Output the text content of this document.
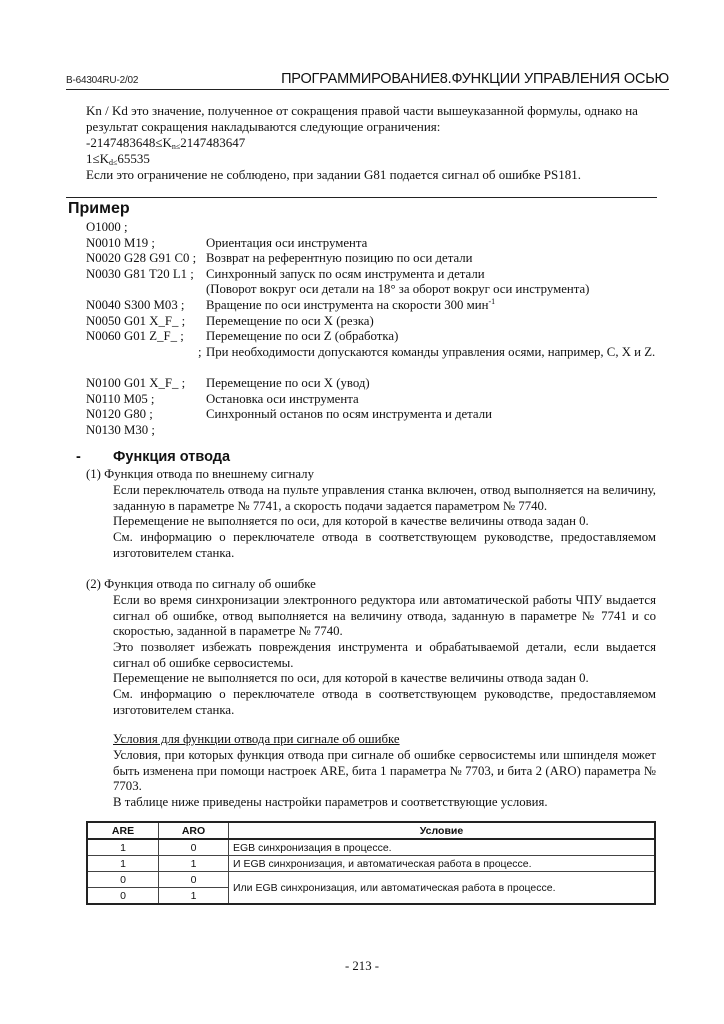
B-64304RU-2/02	ПРОГРАММИРОВАНИЕ8.ФУНКЦИИ УПРАВЛЕНИЯ ОСЬЮ
Kn / Kd это значение, полученное от сокращения правой части вышеуказанной формулы, однако на
результат сокращения накладываются следующие ограничения:
$-2147483648\le K_{n\le}2147483647$
$1\le K_{d\le}65535$
Если это ограничение не соблюдено, при задании G81 подается сигнал об ошибке PS181.
Пример
O1000 ;
N0010 M19 ;	Ориентация оси инструмента
N0020 G28 G91 C0 ; Возврат на референтную позицию по оси детали
N0030 G81 T20 L1 ; Синхронный запуск по осям инструмента и детали
(Поворот вокруг оси детали на 18° за оборот вокруг оси инструмента)
N0040 S300 M03 ; Вращение по оси инструмента на скорости 300 мин$^{-1}$
N0050 G01 X_F_ ; Перемещение по оси X (резка)
N0060 G01 Z_F_ ; Перемещение по оси Z (обработка)
; При необходимости допускаются команды управления осями, например, C, X и Z.
N0100 G01 X_F_ ; Перемещение по оси X (увод)
N0110 M05 ;	Остановка оси инструмента
N0120 G80 ;	Синхронный останов по осям инструмента и детали
N0130 M30 ;
- Функция отвода
(1) Функция отвода по внешнему сигналу
Если переключатель отвода на пульте управления станка включен, отвод выполняется на величину, заданную в параметре № 7741, а скорость подачи задается параметром № 7740.
Перемещение не выполняется по оси, для которой в качестве величины отвода задан 0.
См. информацию о переключателе отвода в соответствующем руководстве, предоставляемом изготовителем станка.
(2) Функция отвода по сигналу об ошибке
Если во время синхронизации электронного редуктора или автоматической работы ЧПУ выдается сигнал об ошибке, отвод выполняется на величину отвода, заданную в параметре № 7741 и со скоростью, заданной в параметре № 7740.
Это позволяет избежать повреждения инструмента и обрабатываемой детали, если выдается сигнал об ошибке сервосистемы.
Перемещение не выполняется по оси, для которой в качестве величины отвода задан 0.
См. информацию о переключателе отвода в соответствующем руководстве, предоставляемом изготовителем станка.
Условия для функции отвода при сигнале об ошибке
Условия, при которых функция отвода при сигнале об ошибке сервосистемы или шпинделя может быть изменена при помощи настроек ARE, бита 1 параметра № 7703, и бита 2 (ARO) параметра № 7703.
В таблице ниже приведены настройки параметров и соответствующие условия.
ARE	ARO	Условие
1	0	EGB синхронизация в процессе.
1	1	И EGB синхронизация, и автоматическая работа в процессе.
0	0	Или EGB синхронизация, или автоматическая работа в процессе.
0	1	
- 213 -
